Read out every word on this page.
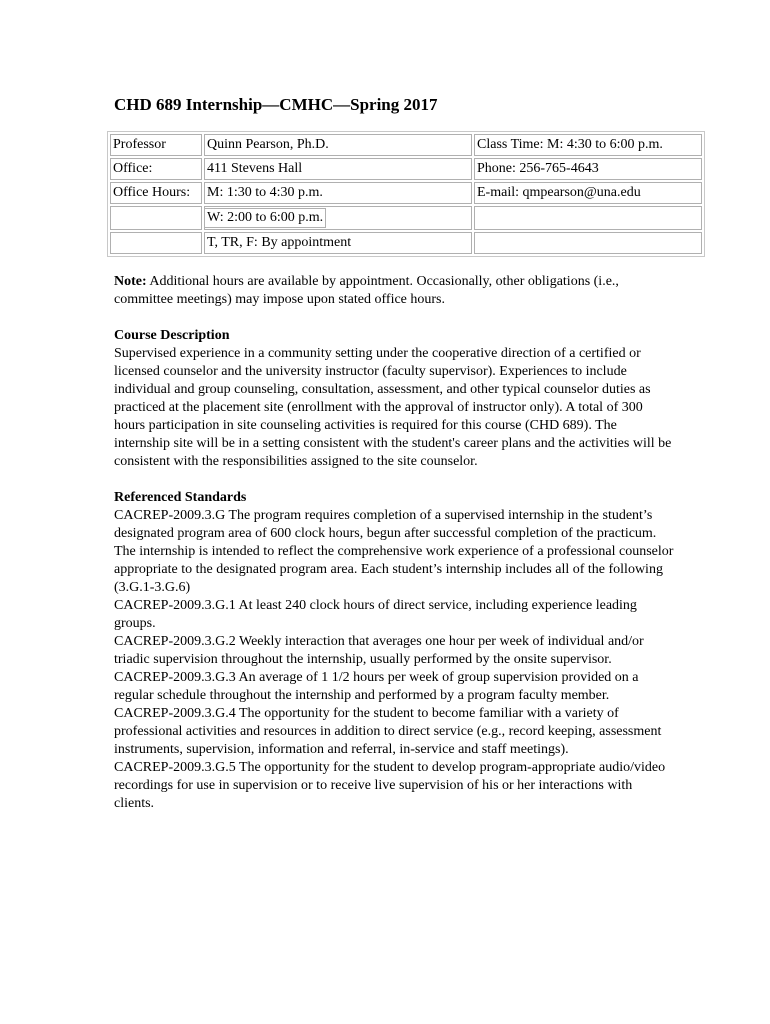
CHD 689 Internship—CMHC—Spring 2017
Professor	Quinn Pearson, Ph.D.	Class Time: M: 4:30 to 6:00 p.m.
Office:	411 Stevens Hall	Phone: 256-765-4643
Office Hours:	M: 1:30 to 4:30 p.m.	E-mail: qmpearson@una.edu
	W: 2:00 to 6:00 p.m.	
	T, TR, F: By appointment	

Note: Additional hours are available by appointment. Occasionally, other obligations (i.e., committee meetings) may impose upon stated office hours.

Course Description

Supervised experience in a community setting under the cooperative direction of a certified or licensed counselor and the university instructor (faculty supervisor). Experiences to include individual and group counseling, consultation, assessment, and other typical counselor duties as practiced at the placement site (enrollment with the approval of instructor only). A total of 300 hours participation in site counseling activities is required for this course (CHD 689). The internship site will be in a setting consistent with the student's career plans and the activities will be consistent with the responsibilities assigned to the site counselor.

Referenced Standards

CACREP-2009.3.G The program requires completion of a supervised internship in the student’s designated program area of 600 clock hours, begun after successful completion of the practicum. The internship is intended to reflect the comprehensive work experience of a professional counselor appropriate to the designated program area. Each student’s internship includes all of the following (3.G.1-3.G.6)

CACREP-2009.3.G.1 At least 240 clock hours of direct service, including experience leading groups.

CACREP-2009.3.G.2 Weekly interaction that averages one hour per week of individual and/or triadic supervision throughout the internship, usually performed by the onsite supervisor.

CACREP-2009.3.G.3 An average of 1 1/2 hours per week of group supervision provided on a regular schedule throughout the internship and performed by a program faculty member.

CACREP-2009.3.G.4 The opportunity for the student to become familiar with a variety of professional activities and resources in addition to direct service (e.g., record keeping, assessment instruments, supervision, information and referral, in-service and staff meetings).

CACREP-2009.3.G.5 The opportunity for the student to develop program-appropriate audio/video recordings for use in supervision or to receive live supervision of his or her interactions with clients.
